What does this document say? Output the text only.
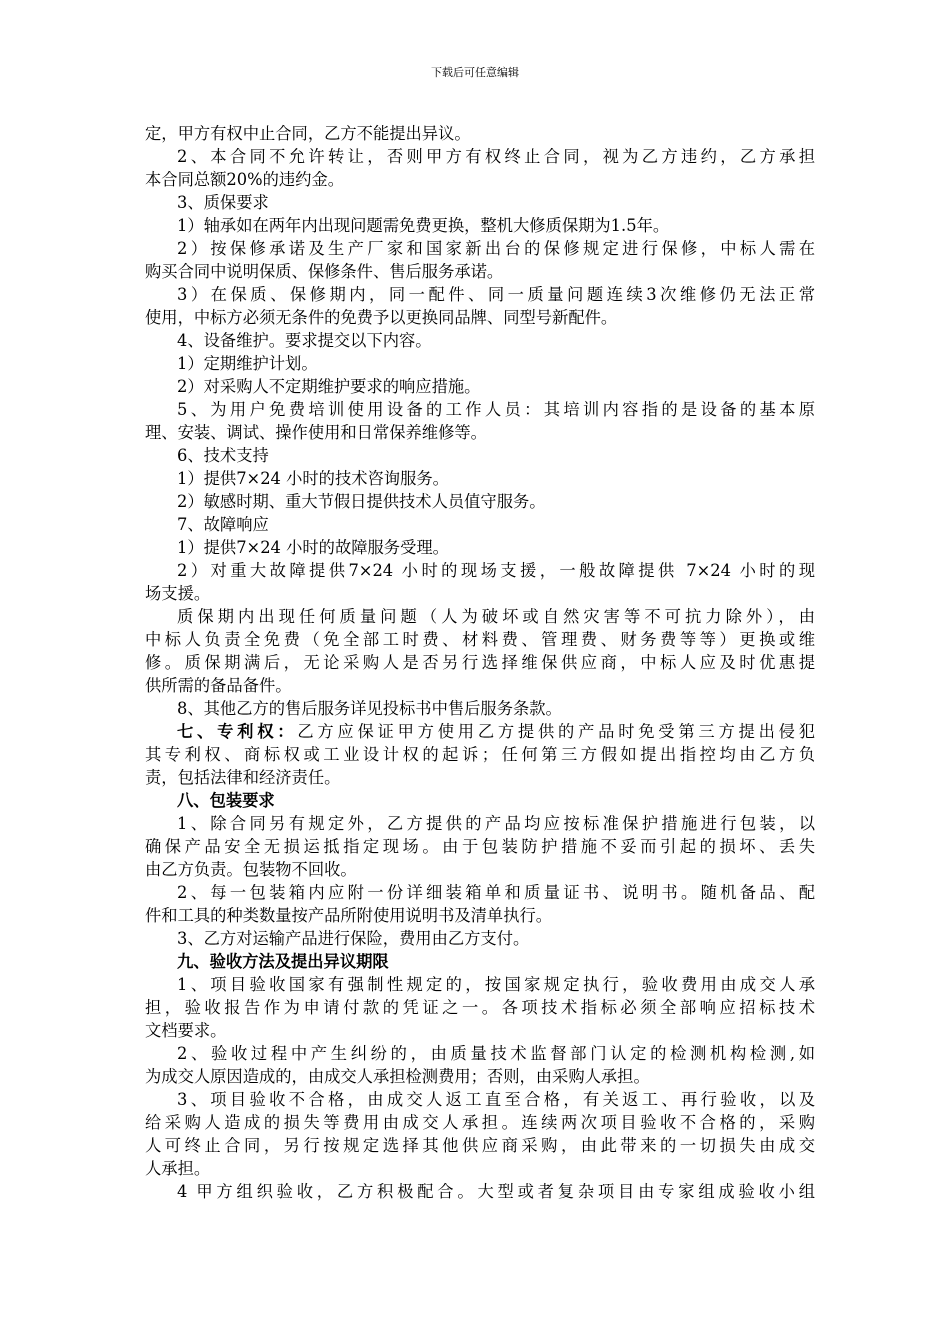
下载后可任意编辑
定，甲方有权中止合同，乙方不能提出异议。
2、本合同不允许转让，否则甲方有权终止合同，视为乙方违约，乙方承担
本合同总额20%的违约金。
3、质保要求
1）轴承如在两年内出现问题需免费更换，整机大修质保期为1.5年。
2）按保修承诺及生产厂家和国家新出台的保修规定进行保修，中标人需在
购买合同中说明保质、保修条件、售后服务承诺。
3）在保质、保修期内，同一配件、同一质量问题连续3次维修仍无法正常
使用，中标方必须无条件的免费予以更换同品牌、同型号新配件。
4、设备维护。要求提交以下内容。
1）定期维护计划。
2）对采购人不定期维护要求的响应措施。
5、为用户免费培训使用设备的工作人员：其培训内容指的是设备的基本原
理、安装、调试、操作使用和日常保养维修等。
6、技术支持
1）提供7×24 小时的技术咨询服务。
2）敏感时期、重大节假日提供技术人员值守服务。
7、故障响应
1）提供7×24 小时的故障服务受理。
2）对重大故障提供7×24 小时的现场支援，一般故障提供 7×24 小时的现
场支援。
质保期内出现任何质量问题（人为破坏或自然灾害等不可抗力除外），由
中标人负责全免费（免全部工时费、材料费、管理费、财务费等等）更换或维
修。质保期满后，无论采购人是否另行选择维保供应商，中标人应及时优惠提
供所需的备品备件。
8、其他乙方的售后服务详见投标书中售后服务条款。
七、专利权：乙方应保证甲方使用乙方提供的产品时免受第三方提出侵犯
其专利权、商标权或工业设计权的起诉；任何第三方假如提出指控均由乙方负
责，包括法律和经济责任。
八、包装要求
1、除合同另有规定外，乙方提供的产品均应按标准保护措施进行包装，以
确保产品安全无损运抵指定现场。由于包装防护措施不妥而引起的损坏、丢失
由乙方负责。包装物不回收。
2、每一包装箱内应附一份详细装箱单和质量证书、说明书。随机备品、配
件和工具的种类数量按产品所附使用说明书及清单执行。
3、乙方对运输产品进行保险，费用由乙方支付。
九、验收方法及提出异议期限
1、项目验收国家有强制性规定的，按国家规定执行，验收费用由成交人承
担，验收报告作为申请付款的凭证之一。各项技术指标必须全部响应招标技术
文档要求。
2、验收过程中产生纠纷的，由质量技术监督部门认定的检测机构检测,如
为成交人原因造成的，由成交人承担检测费用；否则，由采购人承担。
3、项目验收不合格，由成交人返工直至合格，有关返工、再行验收，以及
给采购人造成的损失等费用由成交人承担。连续两次项目验收不合格的，采购
人可终止合同，另行按规定选择其他供应商采购，由此带来的一切损失由成交
人承担。
4 甲方组织验收，乙方积极配合。大型或者复杂项目由专家组成验收小组
